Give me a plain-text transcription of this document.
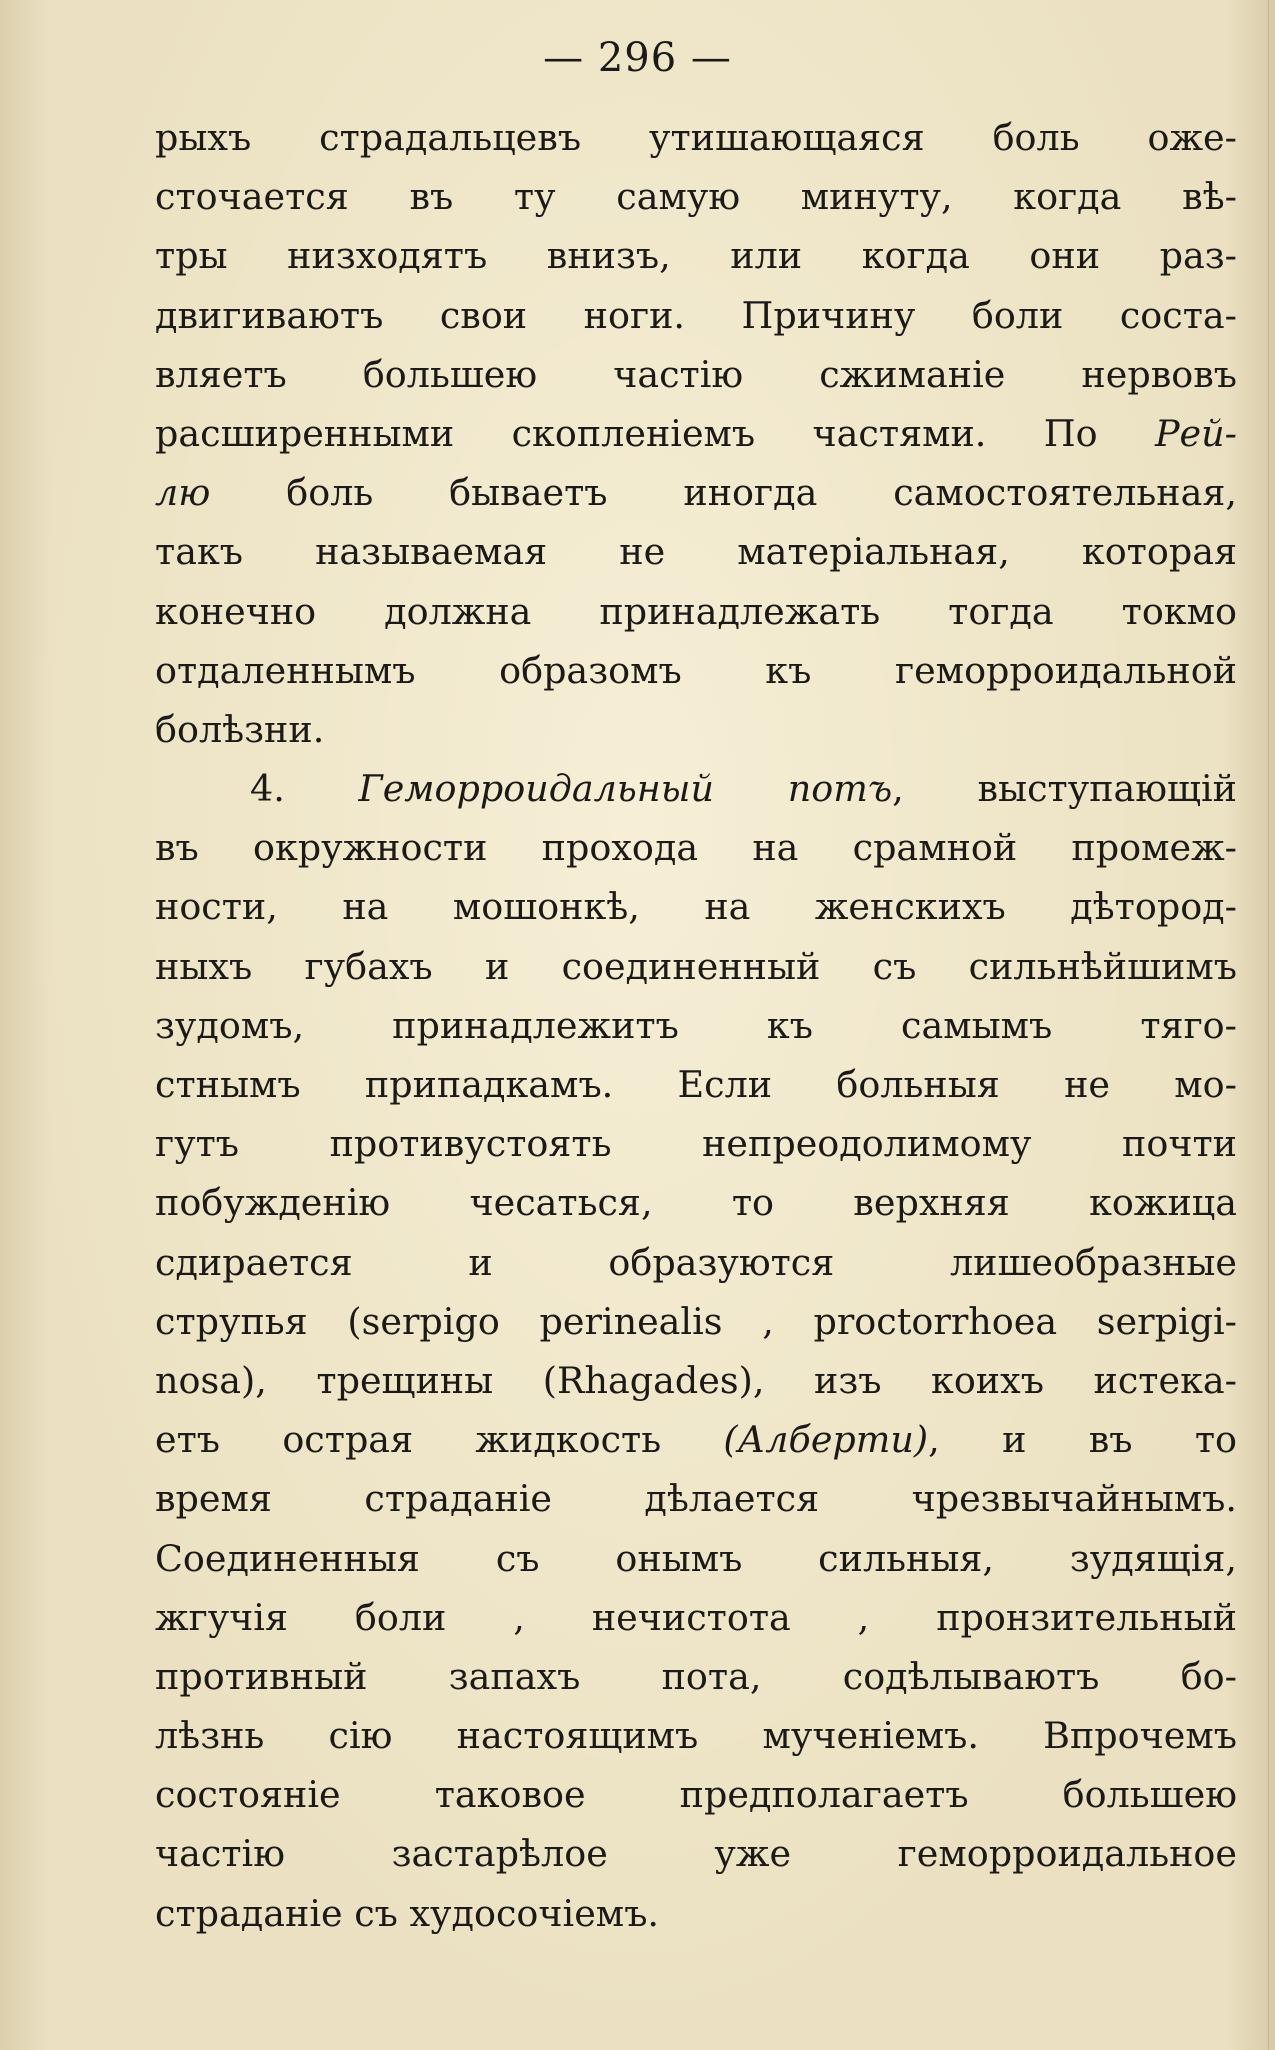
— 296 —
рыхъ страдальцевъ утишающаяся боль оже-
сточается въ ту самую минуту, когда вѣ-
тры низходятъ внизъ, или когда они раз-
двигиваютъ свои ноги. Причину боли соста-
вляетъ большею частію сжиманіе нервовъ
расширенными скопленіемъ частями. По Рей-
лю боль бываетъ иногда самостоятельная,
такъ называемая не матеріальная, которая
конечно должна принадлежать тогда токмо
отдаленнымъ образомъ къ геморроидальной
болѣзни.
4. Геморроидальный потъ, выступающій
въ окружности прохода на срамной промеж-
ности, на мошонкѣ, на женскихъ дѣтород-
ныхъ губахъ и соединенный съ сильнѣйшимъ
зудомъ, принадлежитъ къ самымъ тяго-
стнымъ припадкамъ. Если больныя не мо-
гутъ противустоять непреодолимому почти
побужденію чесаться, то верхняя кожица
сдирается и образуются лишеобразные
струпья (serpigo perinealis , proctorrhoea serpigi-
nosa), трещины (Rhagades), изъ коихъ истека-
етъ острая жидкость (Алберти), и въ то
время страданіе дѣлается чрезвычайнымъ.
Соединенныя съ онымъ сильныя, зудящія,
жгучія боли , нечистота , пронзительный
противный запахъ пота, содѣлываютъ бо-
лѣзнь сію настоящимъ мученіемъ. Впрочемъ
состояніе таковое предполагаетъ большею
частію застарѣлое уже геморроидальное
страданіе съ худосочіемъ.
